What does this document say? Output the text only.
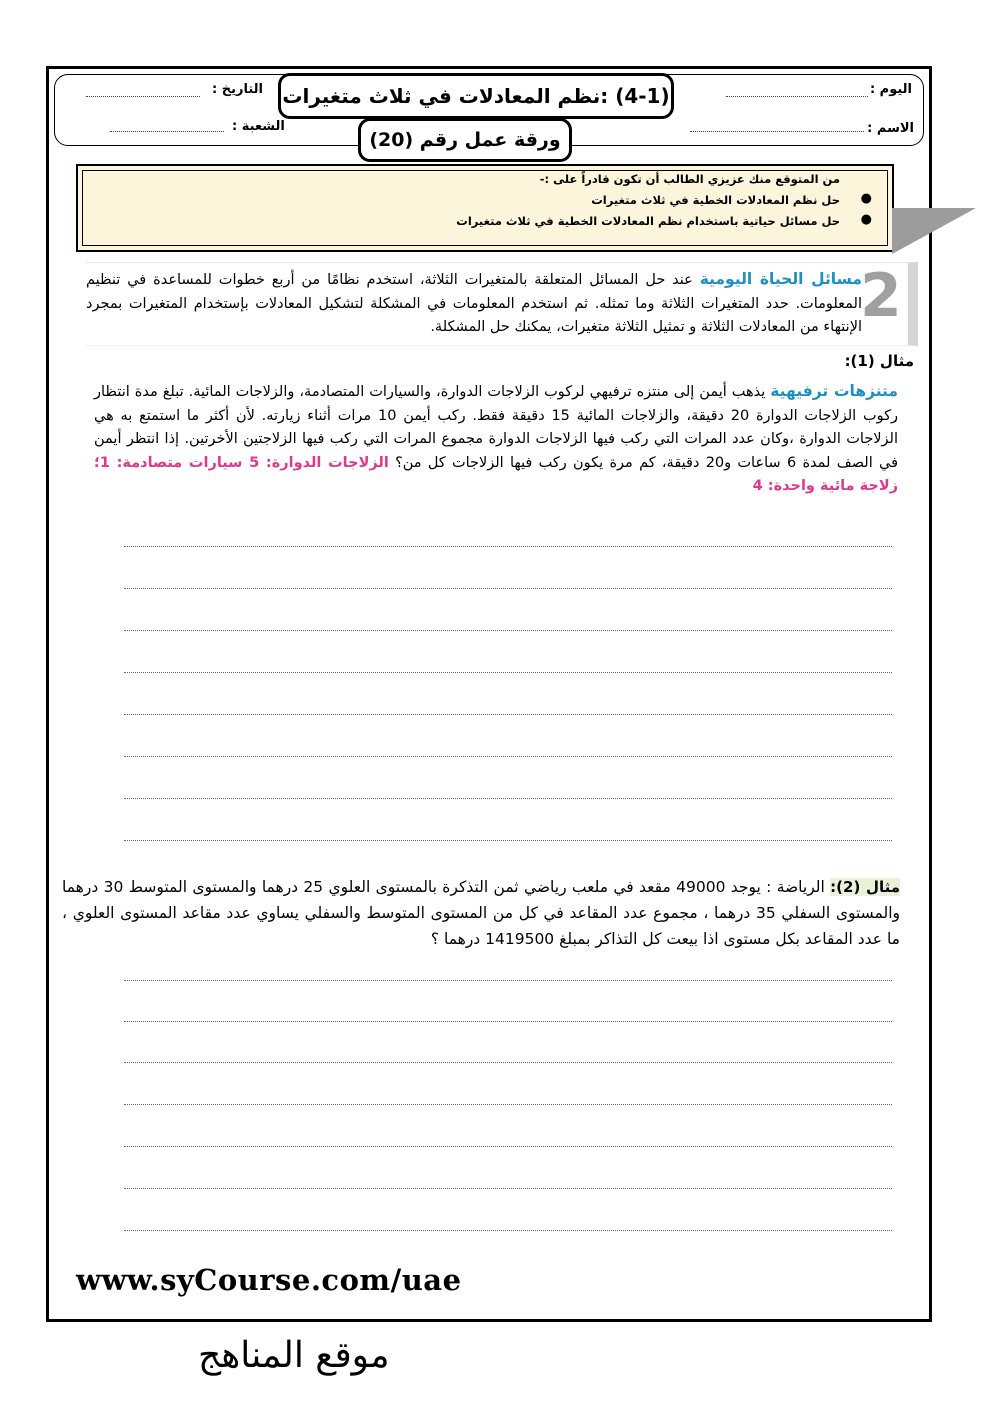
اليوم :
الاسم :
التاريخ :
الشعبة :
(4-1) :نظم المعادلات في ثلاث متغيرات
ورقة عمل رقم (20)
من المتوقع منك عزيزي الطالب أن تكون قادراً على :-
حل نظم المعادلات الخطية في ثلاث متغيرات ●
حل مسائل حياتية باستخدام نظم المعادلات الخطية في ثلاث متغيرات ●
2
مسائل الحياة اليومية عند حل المسائل المتعلقة بالمتغيرات الثلاثة، استخدم نظامًا من أربع خطوات للمساعدة في تنظيم المعلومات. حدد المتغيرات الثلاثة وما تمثله. ثم استخدم المعلومات في المشكلة لتشكيل المعادلات بإستخدام المتغيرات بمجرد الإنتهاء من المعادلات الثلاثة و تمثيل الثلاثة متغيرات، يمكنك حل المشكلة.
مثال (1):
متنزهات ترفيهية يذهب أيمن إلى منتزه ترفيهي لركوب الزلاجات الدوارة، والسيارات المتصادمة، والزلاجات المائية. تبلغ مدة انتظار ركوب الزلاجات الدوارة 20 دقيقة، والزلاجات المائية 15 دقيقة فقط. ركب أيمن 10 مرات أثناء زيارته. لأن أكثر ما استمتع به هي الزلاجات الدوارة ،وكان عدد المرات التي ركب فيها الزلاجات الدوارة مجموع المرات التي ركب فيها الزلاجتين الأخرتين. إذا انتظر أيمن في الصف لمدة 6 ساعات و20 دقيقة، كم مرة يكون ركب فيها الزلاجات كل من؟ الزلاجات الدوارة: 5 سيارات متصادمة: 1؛ زلاجة مائية واحدة: 4
مثال (2): الرياضة : يوجد 49000 مقعد في ملعب رياضي ثمن التذكرة بالمستوى العلوي 25 درهما والمستوى المتوسط 30 درهما والمستوى السفلي 35 درهما ، مجموع عدد المقاعد في كل من المستوى المتوسط والسفلي يساوي عدد مقاعد المستوى العلوي ، ما عدد المقاعد بكل مستوى اذا بيعت كل التذاكر بمبلغ 1419500 درهما ؟
www.syCourse.com/uae
موقع المناهج
